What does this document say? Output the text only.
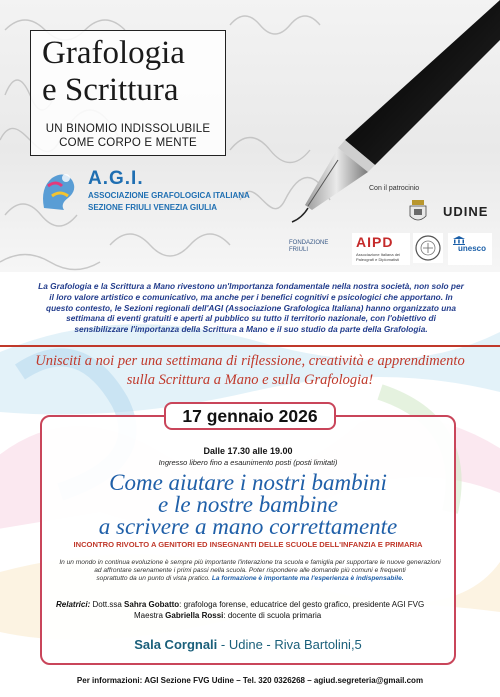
Grafologia
e Scrittura
UN BINOMIO INDISSOLUBILE
COME CORPO E MENTE
A.G.I.
ASSOCIAZIONE GRAFOLOGICA ITALIANA
SEZIONE FRIULI VENEZIA GIULIA
Con il patrocinio
UDINE
FONDAZIONE FRIULI	AIPD
Associazione Italiana dei Paleografi e Diplomatisti
unesco
La Grafologia e la Scrittura a Mano rivestono un'Importanza fondamentale nella nostra società, non solo per il loro valore artistico e comunicativo, ma anche per i benefici cognitivi e psicologici che apportano. In questo contesto, le Sezioni regionali dell'AGI (Associazione Grafologica Italiana) hanno organizzato una settimana di eventi gratuiti e aperti al pubblico su tutto il territorio nazionale, con l'obiettivo di sensibilizzare l'importanza della Scrittura a Mano e il suo studio da parte della Grafologia.
Unisciti a noi per una settimana di riflessione, creatività e apprendimento
sulla Scrittura a Mano e sulla Grafologia!
17 gennaio 2026
Dalle 17.30 alle 19.00
Ingresso libero fino a esaunimento posti (posti limitati)
Come aiutare i nostri bambini
e le nostre bambine
a scrivere a mano correttamente
INCONTRO RIVOLTO A GENITORI ED INSEGNANTI DELLE SCUOLE DELL'INFANZIA E PRIMARIA
In un mondo in continua evoluzione è sempre più importante l'interazione tra scuola e famiglia per supportare le nuove generazioni
ad affrontare serenamente i primi passi nella scuola. Poter rispondere alle domande più comuni e frequenti
soprattutto da un punto di vista pratico. La formazione è importante ma l'esperienza è indispensabile.
Relatrici: Dott.ssa Sahra Gobatto: grafologa forense, educatrice del gesto grafico, presidente AGI FVG
Maestra Gabriella Rossi: docente di scuola primaria
Sala Corgnali - Udine - Riva Bartolini,5
Per informazioni: AGI Sezione FVG Udine – Tel. 320 0326268 – agiud.segreteria@gmail.com
